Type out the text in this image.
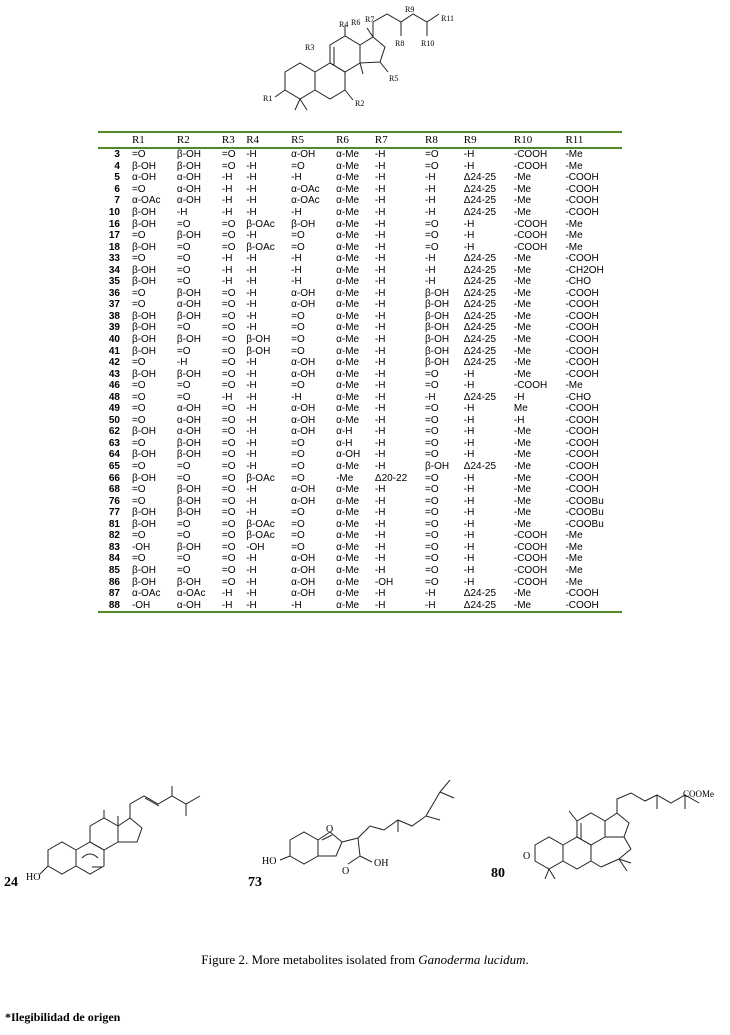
R1
R2
R3
R4
R5
R6 R7
R8
R9
R10
R11
	R1	R2	R3	R4	R5	R6	R7	R8	R9	R10	R11
3	=O	β-OH	=O	-H	α-OH	α-Me	-H	=O	-H	-COOH	-Me
4	β-OH	β-OH	=O	-H	=O	α-Me	-H	=O	-H	-COOH	-Me
5	α-OH	α-OH	-H	-H	-H	α-Me	-H	-H	Δ24-25	-Me	-COOH
6	=O	α-OH	-H	-H	α-OAc	α-Me	-H	-H	Δ24-25	-Me	-COOH
7	α-OAc	α-OH	-H	-H	α-OAc	α-Me	-H	-H	Δ24-25	-Me	-COOH
10	β-OH	-H	-H	-H	-H	α-Me	-H	-H	Δ24-25	-Me	-COOH
16	β-OH	=O	=O	β-OAc	β-OH	α-Me	-H	=O	-H	-COOH	-Me
17	=O	β-OH	=O	-H	=O	α-Me	-H	=O	-H	-COOH	-Me
18	β-OH	=O	=O	β-OAc	=O	α-Me	-H	=O	-H	-COOH	-Me
33	=O	=O	-H	-H	-H	α-Me	-H	-H	Δ24-25	-Me	-COOH
34	β-OH	=O	-H	-H	-H	α-Me	-H	-H	Δ24-25	-Me	-CH2OH
35	β-OH	=O	-H	-H	-H	α-Me	-H	-H	Δ24-25	-Me	-CHO
36	=O	β-OH	=O	-H	α-OH	α-Me	-H	β-OH	Δ24-25	-Me	-COOH
37	=O	α-OH	=O	-H	α-OH	α-Me	-H	β-OH	Δ24-25	-Me	-COOH
38	β-OH	β-OH	=O	-H	=O	α-Me	-H	β-OH	Δ24-25	-Me	-COOH
39	β-OH	=O	=O	-H	=O	α-Me	-H	β-OH	Δ24-25	-Me	-COOH
40	β-OH	β-OH	=O	β-OH	=O	α-Me	-H	β-OH	Δ24-25	-Me	-COOH
41	β-OH	=O	=O	β-OH	=O	α-Me	-H	β-OH	Δ24-25	-Me	-COOH
42	=O	-H	=O	-H	α-OH	α-Me	-H	β-OH	Δ24-25	-Me	-COOH
43	β-OH	β-OH	=O	-H	α-OH	α-Me	-H	=O	-H	-Me	-COOH
46	=O	=O	=O	-H	=O	α-Me	-H	=O	-H	-COOH	-Me
48	=O	=O	-H	-H	-H	α-Me	-H	-H	Δ24-25	-H	-CHO
49	=O	α-OH	=O	-H	α-OH	α-Me	-H	=O	-H	Me	-COOH
50	=O	α-OH	=O	-H	α-OH	α-Me	-H	=O	-H	-H	-COOH
62	β-OH	α-OH	=O	-H	α-OH	α-H	-H	=O	-H	-Me	-COOH
63	=O	β-OH	=O	-H	=O	α-H	-H	=O	-H	-Me	-COOH
64	β-OH	β-OH	=O	-H	=O	α-OH	-H	=O	-H	-Me	-COOH
65	=O	=O	=O	-H	=O	α-Me	-H	β-OH	Δ24-25	-Me	-COOH
66	β-OH	=O	=O	β-OAc	=O	-Me	Δ20-22	=O	-H	-Me	-COOH
68	=O	β-OH	=O	-H	α-OH	α-Me	-H	=O	-H	-Me	-COOH
76	=O	β-OH	=O	-H	α-OH	α-Me	-H	=O	-H	-Me	-COOBu
77	β-OH	β-OH	=O	-H	=O	α-Me	-H	=O	-H	-Me	-COOBu
81	β-OH	=O	=O	β-OAc	=O	α-Me	-H	=O	-H	-Me	-COOBu
82	=O	=O	=O	β-OAc	=O	α-Me	-H	=O	-H	-COOH	-Me
83	-OH	β-OH	=O	-OH	=O	α-Me	-H	=O	-H	-COOH	-Me
84	=O	=O	=O	-H	α-OH	α-Me	-H	=O	-H	-COOH	-Me
85	β-OH	=O	=O	-H	α-OH	α-Me	-H	=O	-H	-COOH	-Me
86	β-OH	β-OH	=O	-H	α-OH	α-Me	-OH	=O	-H	-COOH	-Me
87	α-OAc	α-OAc	-H	-H	α-OH	α-Me	-H	-H	Δ24-25	-Me	-COOH
88	-OH	α-OH	-H	-H	-H	α-Me	-H	-H	Δ24-25	-Me	-COOH
24 HO	73
HO	OH
O
O	80
O
COOMe
Figure 2. More metabolites isolated from Ganoderma lucidum.
*Ilegibilidad de origen
